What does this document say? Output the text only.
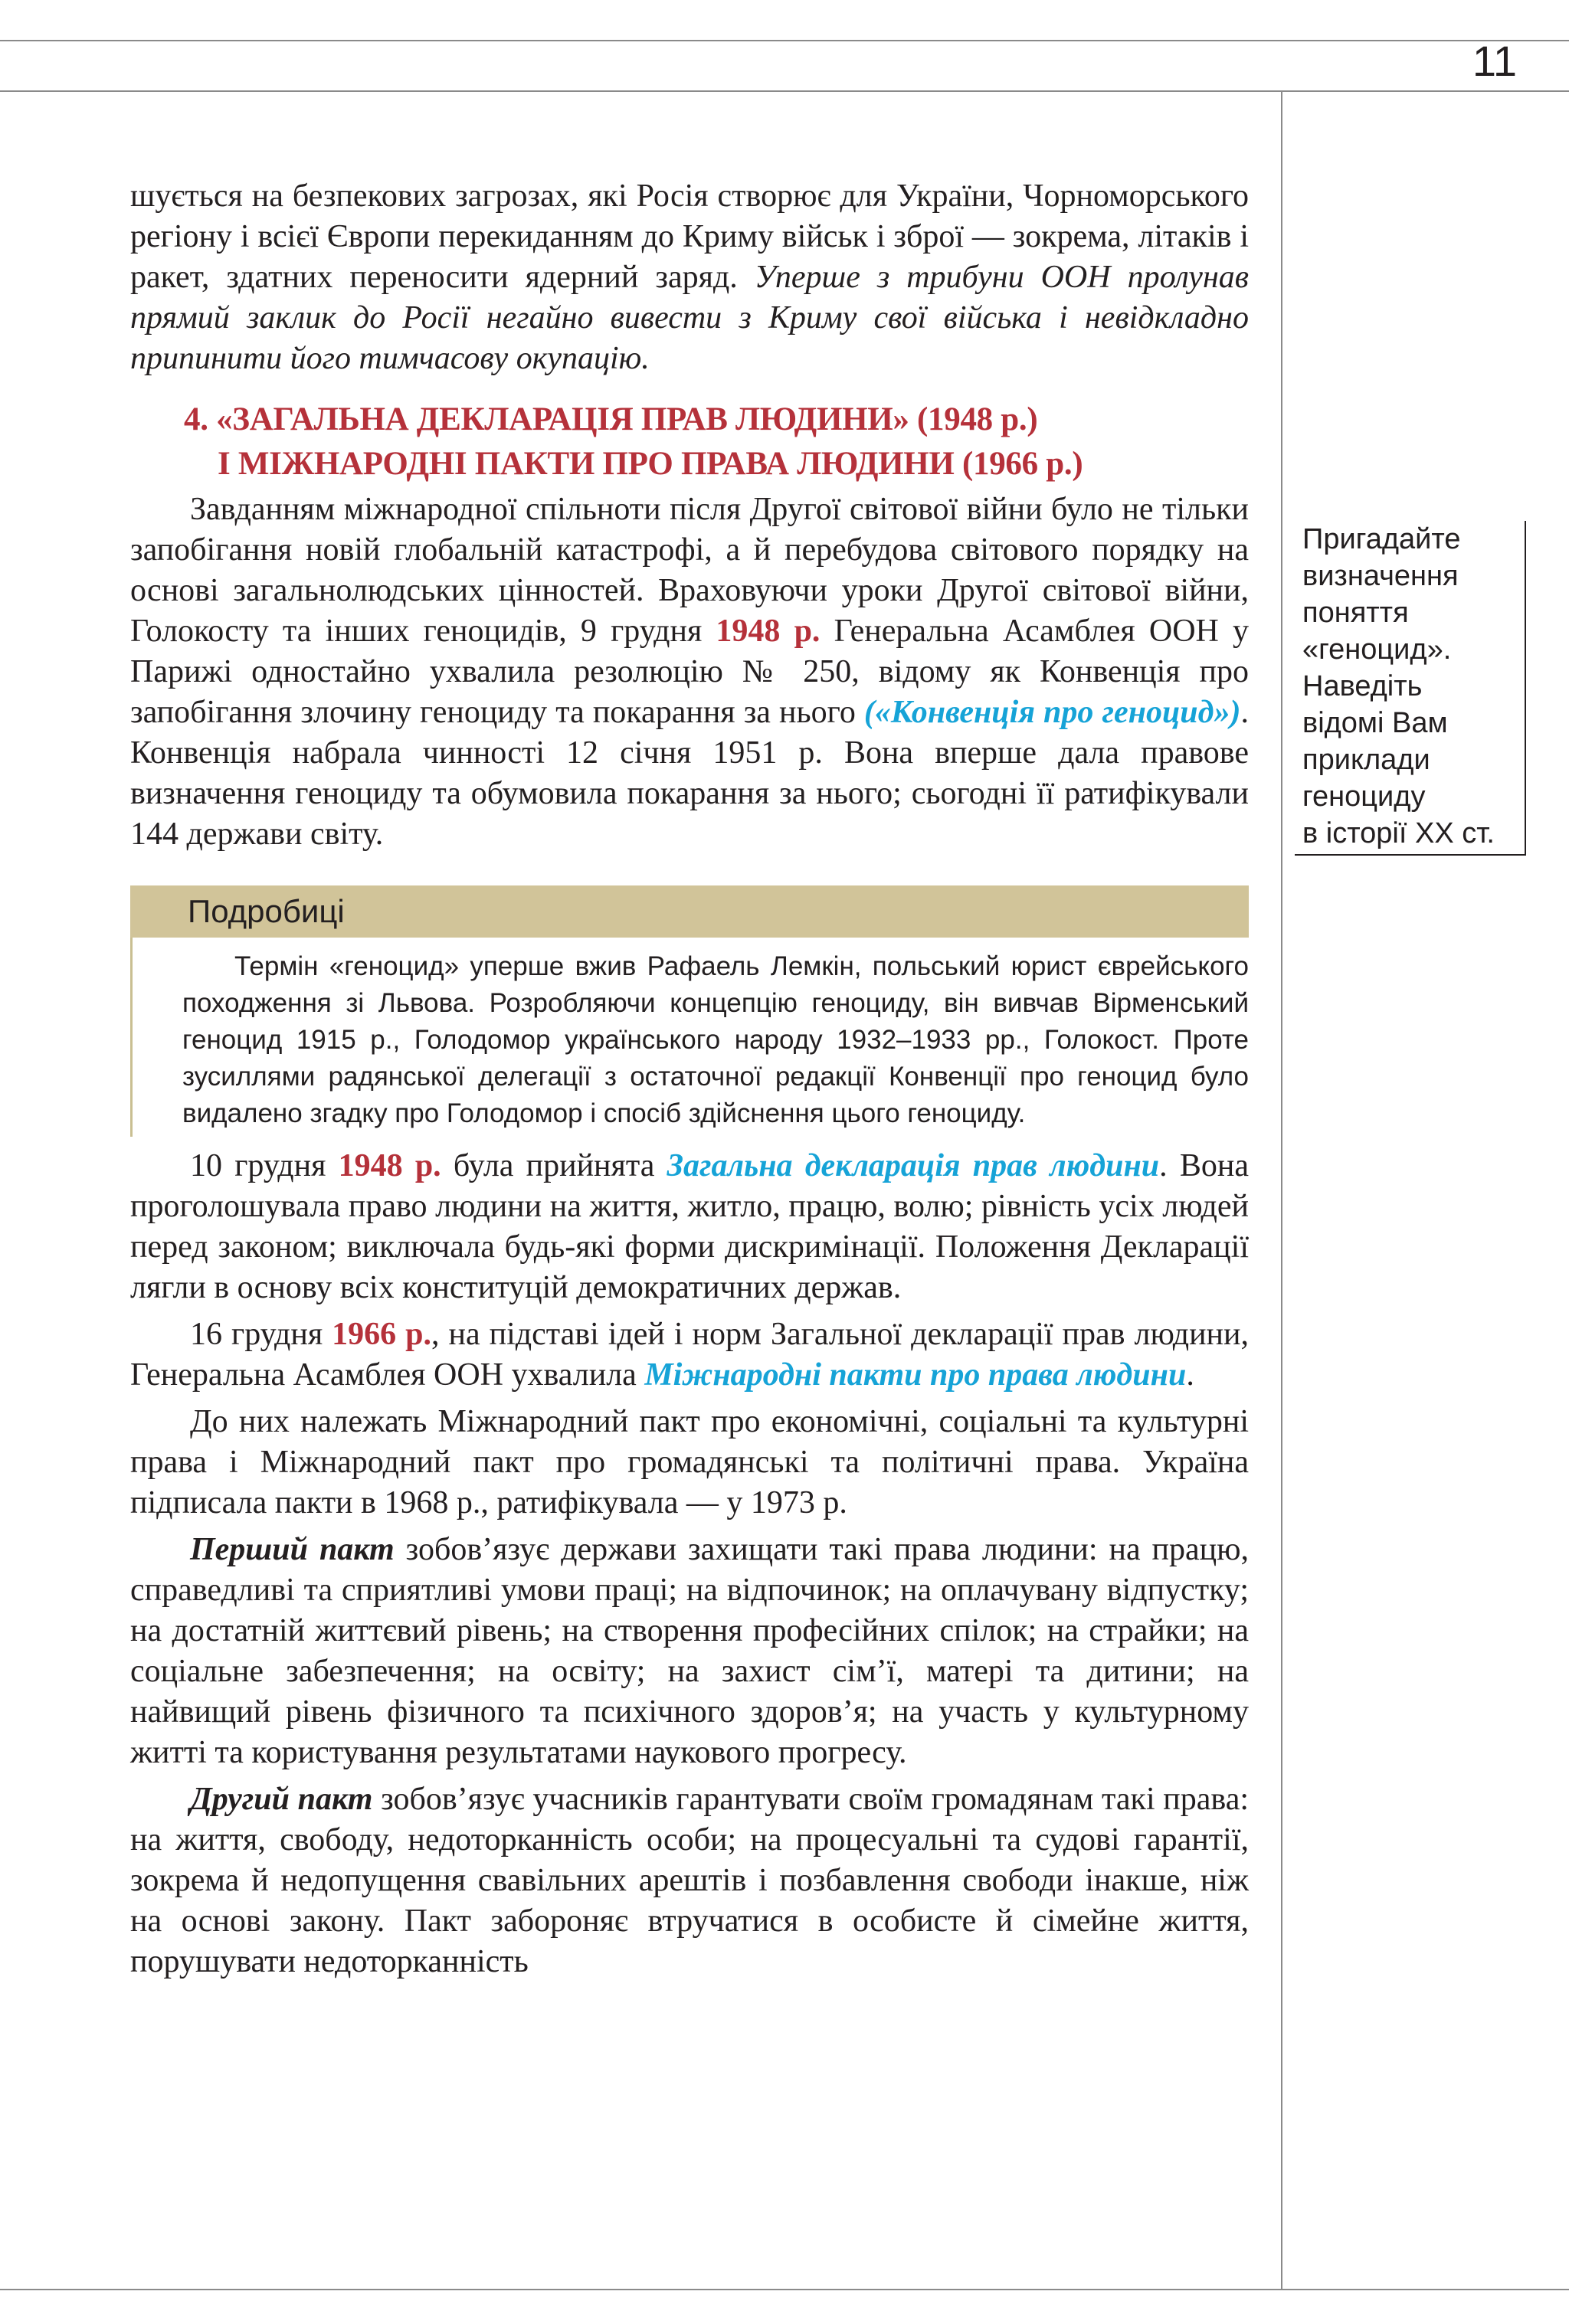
11
Пригадайте
визначення
поняття
«геноцид».
Наведіть
відомі Вам
приклади
геноциду
в історії XX ст.

шується на безпекових загрозах, які Росія створює для України, Чорноморського регіону і всієї Європи перекиданням до Криму військ і зброї — зокрема, літаків і ракет, здатних переносити ядерний заряд. Уперше з трибуни ООН пролунав прямий заклик до Росії негайно вивести з Криму свої війська і невідкладно припинити його тимчасову окупацію.

4. «ЗАГАЛЬНА ДЕКЛАРАЦІЯ ПРАВ ЛЮДИНИ» (1948 р.)
І МІЖНАРОДНІ ПАКТИ ПРО ПРАВА ЛЮДИНИ (1966 р.)

Завданням міжнародної спільноти після Другої світової війни було не тільки запобігання новій глобальній катастрофі, а й перебудова світового порядку на основі загальнолюдських цінностей. Враховуючи уроки Другої світової війни, Голокосту та інших геноцидів, 9 грудня 1948 р. Генеральна Асамблея ООН у Парижі одностайно ухвалила резолюцію № 250, відому як Конвенція про запобігання злочину геноциду та покарання за нього («Конвенція про геноцид»). Конвенція набрала чинності 12 січня 1951 р. Вона вперше дала правове визначення геноциду та обумовила покарання за нього; сьогодні її ратифікували 144 держави світу.

Подробиці
Термін «геноцид» уперше вжив Рафаель Лемкін, польський юрист єврейського походження зі Львова. Розробляючи концепцію геноциду, він вивчав Вірменський геноцид 1915 р., Голодомор українського народу 1932–1933 рр., Голокост. Проте зусиллями радянської делегації з остаточної редакції Конвенції про геноцид було видалено згадку про Голодомор і спосіб здійснення цього геноциду.

10 грудня 1948 р. була прийнята Загальна декларація прав людини. Вона проголошувала право людини на життя, житло, працю, волю; рівність усіх людей перед законом; виключала будь-які форми дискримінації. Положення Декларації лягли в основу всіх конституцій демократичних держав.

16 грудня 1966 р., на підставі ідей і норм Загальної декларації прав людини, Генеральна Асамблея ООН ухвалила Міжнародні пакти про права людини.

До них належать Міжнародний пакт про економічні, соціальні та культурні права і Міжнародний пакт про громадянські та політичні права. Україна підписала пакти в 1968 р., ратифікувала — у 1973 р.

Перший пакт зобов’язує держави захищати такі права людини: на працю, справедливі та сприятливі умови праці; на відпочинок; на оплачувану відпустку; на достатній життєвий рівень; на створення професійних спілок; на страйки; на соціальне забезпечення; на освіту; на захист сім’ї, матері та дитини; на найвищий рівень фізичного та психічного здоров’я; на участь у культурному житті та користування результатами наукового прогресу.

Другий пакт зобов’язує учасників гарантувати своїм громадянам такі права: на життя, свободу, недоторканність особи; на процесуальні та судові гарантії, зокрема й недопущення свавільних арештів і позбавлення свободи інакше, ніж на основі закону. Пакт забороняє втручатися в особисте й сімейне життя, порушувати недоторканність
